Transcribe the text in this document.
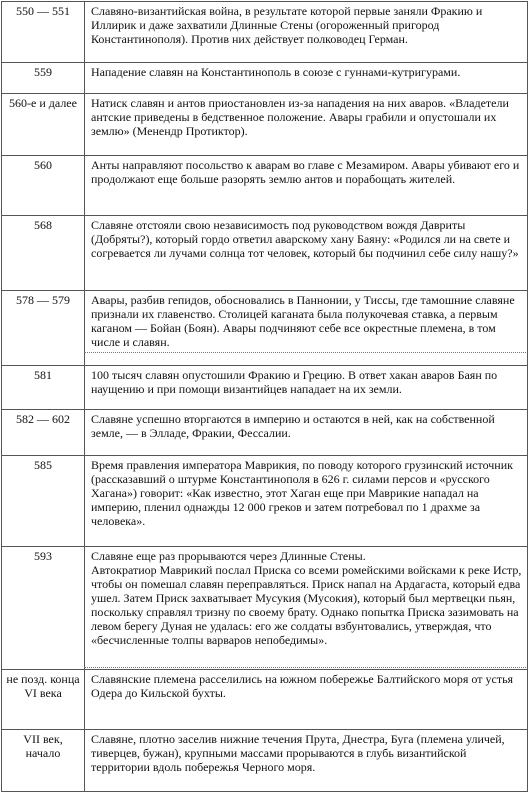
550 — 551	Славяно-византийская война, в результате которой первые заняли Фракию и Иллирик и даже захватили Длинные Стены (огороженный пригород Константинополя). Против них действует полководец Герман.
559	Нападение славян на Константинополь в союзе с гуннами-кутригурами.
560-е и далее	Натиск славян и антов приостановлен из-за нападения на них аваров. «Владетели антские приведены в бедственное положение. Авары грабили и опустошали их землю» (Менендр Протиктор).
560	Анты направляют посольство к аварам во главе с Мезамиром. Авары убивают его и продолжают еще больше разорять землю антов и порабощать жителей.
568	Славяне отстояли свою независимость под руководством вождя Давриты (Добряты?), который гордо ответил аварскому хану Баяну: «Родился ли на свете и согреваетcя ли лучами солнца тот человек, который бы подчинил себе силу нашу?»
578 — 579	Авары, разбив гепидов, обосновались в Паннонии, у Тиссы, где тамошние славяне признали их главенство. Столицей каганата была полукочевая ставка, а первым каганом — Бойан (Боян). Авары подчиняют себе все окрестные племена, в том числе и славян.
581	100 тысяч славян опустошили Фракию и Грецию. В ответ хакан аваров Баян по наущению и при помощи византийцев нападает на их земли.
582 — 602	Славяне успешно вторгаются в империю и остаются в ней, как на собственной земле, — в Элладе, Фракии, Фессалии.
585	Время правления императора Маврикия, по поводу которого грузинский источник (рассказавший о штурме Константинополя в 626 г. силами персов и «русского Хагана») говорит: «Как известно, этот Хаган еще при Маврикие нападал на империю, пленил однажды 12 000 греков и затем потребовал по 1 драхме за человека».
593	Славяне еще раз прорываются через Длинные Стены.
Автократиор Маврикий послал Приска со всеми ромейскими войсками к реке Истр, чтобы он помешал славян переправляться. Приск напал на Ардагаста, который едва ушел. Затем Приск захватывает Мусукия (Мусокия), который был мертвецки пьян, поскольку справлял тризну по своему брату. Однако попытка Приска зазимовать на левом берегу Дуная не удалась: его же солдаты взбунтовались, утверждая, что «бесчисленные толпы варваров непобедимы».
не позд. конца VI века	Славянские племена расселились на южном побережье Балтийского моря от устья Одера до Кильской бухты.
VII век, начало	Славяне, плотно заселив нижние течения Прута, Днестра, Буга (племена уличей, тиверцев, бужан), крупными массами прорываются в глубь византийской территории вдоль побережья Черного моря.
